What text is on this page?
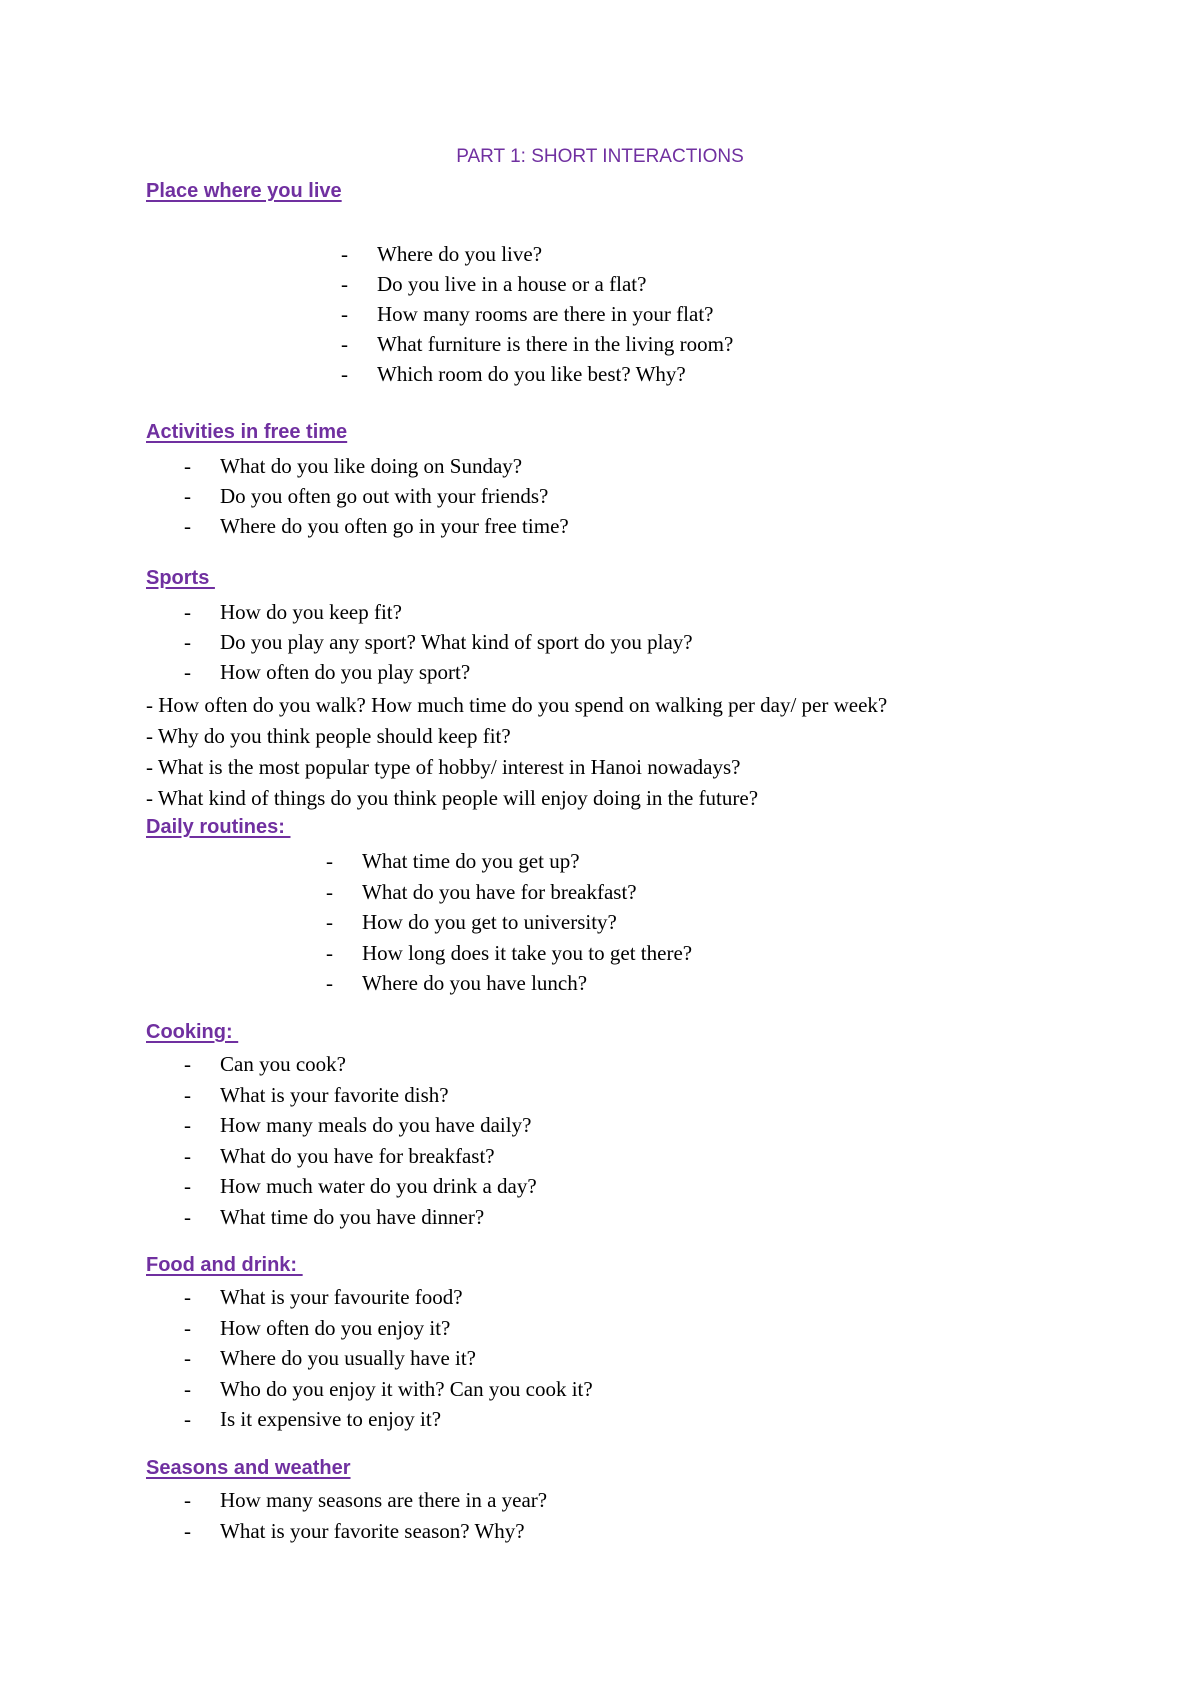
PART 1: SHORT INTERACTIONS
Place where you live
- Where do you live?
- Do you live in a house or a flat?
- How many rooms are there in your flat?
- What furniture is there in the living room?
- Which room do you like best? Why?
Activities in free time
- What do you like doing on Sunday?
- Do you often go out with your friends?
- Where do you often go in your free time?
Sports
- How do you keep fit?
- Do you play any sport? What kind of sport do you play?
- How often do you play sport?

- How often do you walk? How much time do you spend on walking per day/ per week?

- Why do you think people should keep fit?

- What is the most popular type of hobby/ interest in Hanoi nowadays?

- What kind of things do you think people will enjoy doing in the future?

Daily routines:
- What time do you get up?
- What do you have for breakfast?
- How do you get to university?
- How long does it take you to get there?
- Where do you have lunch?
Cooking:
- Can you cook?
- What is your favorite dish?
- How many meals do you have daily?
- What do you have for breakfast?
- How much water do you drink a day?
- What time do you have dinner?
Food and drink:
- What is your favourite food?
- How often do you enjoy it?
- Where do you usually have it?
- Who do you enjoy it with? Can you cook it?
- Is it expensive to enjoy it?
Seasons and weather
- How many seasons are there in a year?
- What is your favorite season? Why?
